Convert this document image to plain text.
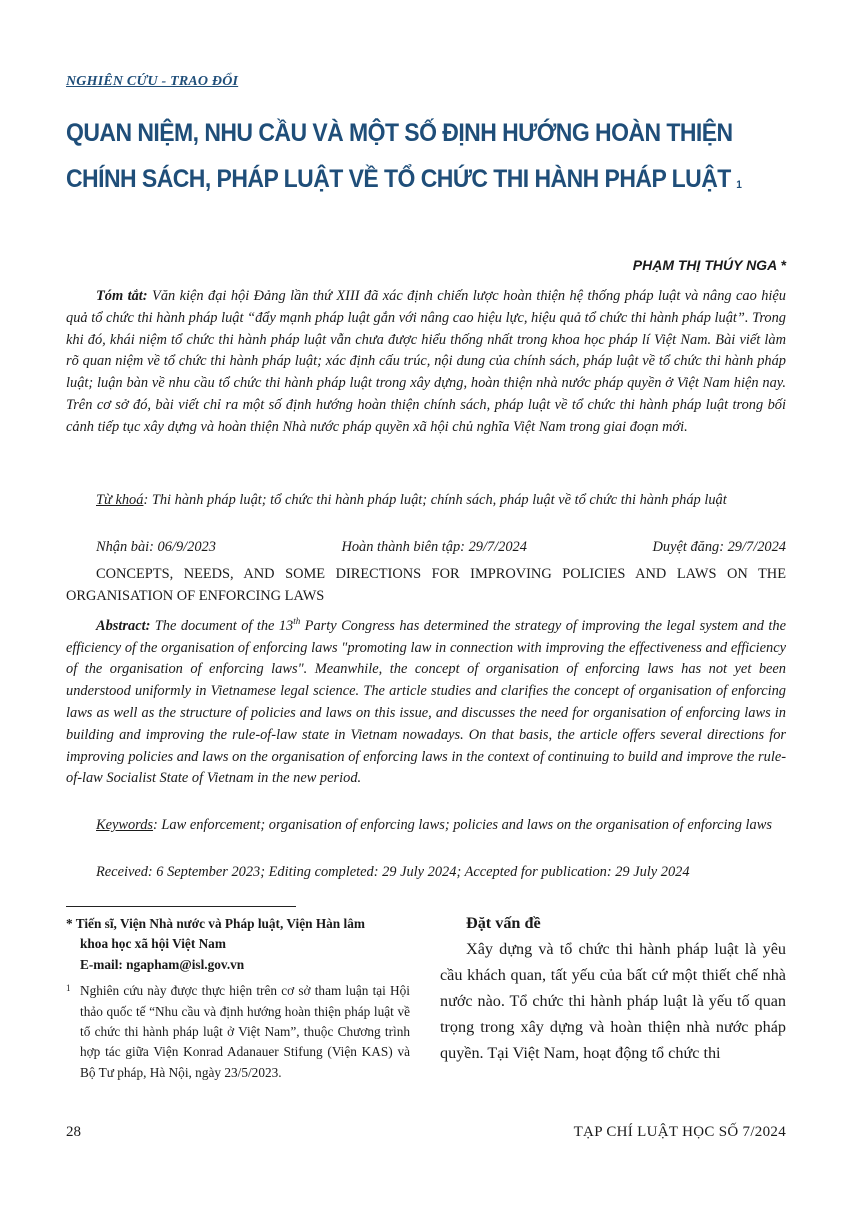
NGHIÊN CỨU - TRAO ĐỔI
QUAN NIỆM, NHU CẦU VÀ MỘT SỐ ĐỊNH HƯỚNG HOÀN THIỆN
CHÍNH SÁCH, PHÁP LUẬT VỀ TỔ CHỨC THI HÀNH PHÁP LUẬT $^1$
PHẠM THỊ THÚY NGA *
Tóm tắt: Văn kiện đại hội Đảng lần thứ XIII đã xác định chiến lược hoàn thiện hệ thống pháp luật và nâng cao hiệu quả tổ chức thi hành pháp luật “đẩy mạnh pháp luật gắn với nâng cao hiệu lực, hiệu quả tổ chức thi hành pháp luật”. Trong khi đó, khái niệm tổ chức thi hành pháp luật vẫn chưa được hiểu thống nhất trong khoa học pháp lí Việt Nam. Bài viết làm rõ quan niệm về tổ chức thi hành pháp luật; xác định cấu trúc, nội dung của chính sách, pháp luật về tổ chức thi hành pháp luật; luận bàn về nhu cầu tổ chức thi hành pháp luật trong xây dựng, hoàn thiện nhà nước pháp quyền ở Việt Nam hiện nay. Trên cơ sở đó, bài viết chỉ ra một số định hướng hoàn thiện chính sách, pháp luật về tổ chức thi hành pháp luật trong bối cảnh tiếp tục xây dựng và hoàn thiện Nhà nước pháp quyền xã hội chủ nghĩa Việt Nam trong giai đoạn mới.
Từ khoá: Thi hành pháp luật; tổ chức thi hành pháp luật; chính sách, pháp luật về tổ chức thi hành pháp luật
Nhận bài: 06/9/2023	Hoàn thành biên tập: 29/7/2024	Duyệt đăng: 29/7/2024
CONCEPTS, NEEDS, AND SOME DIRECTIONS FOR IMPROVING POLICIES AND LAWS ON THE ORGANISATION OF ENFORCING LAWS
Abstract: The document of the 13th Party Congress has determined the strategy of improving the legal system and the efficiency of the organisation of enforcing laws "promoting law in connection with improving the effectiveness and efficiency of the organisation of enforcing laws". Meanwhile, the concept of organisation of enforcing laws has not yet been understood uniformly in Vietnamese legal science. The article studies and clarifies the concept of organisation of enforcing laws as well as the structure of policies and laws on this issue, and discusses the need for organisation of enforcing laws in building and improving the rule-of-law state in Vietnam nowadays. On that basis, the article offers several directions for improving policies and laws on the organisation of enforcing laws in the context of continuing to build and improve the rule-of-law Socialist State of Vietnam in the new period.
Keywords: Law enforcement; organisation of enforcing laws; policies and laws on the organisation of enforcing laws
Received: 6 September 2023; Editing completed: 29 July 2024; Accepted for publication: 29 July 2024
* Tiến sĩ, Viện Nhà nước và Pháp luật, Viện Hàn lâm
khoa học xã hội Việt Nam
E-mail: ngapham@isl.gov.vn
1 Nghiên cứu này được thực hiện trên cơ sở tham luận tại Hội thảo quốc tế “Nhu cầu và định hướng hoàn thiện pháp luật về tổ chức thi hành pháp luật ở Việt Nam”, thuộc Chương trình hợp tác giữa Viện Konrad Adanauer Stifung (Viện KAS) và Bộ Tư pháp, Hà Nội, ngày 23/5/2023.
Đặt vấn đề
Xây dựng và tổ chức thi hành pháp luật là yêu cầu khách quan, tất yếu của bất cứ một thiết chế nhà nước nào. Tổ chức thi hành pháp luật là yếu tố quan trọng trong xây dựng và hoàn thiện nhà nước pháp quyền. Tại Việt Nam, hoạt động tổ chức thi
28	TẠP CHÍ LUẬT HỌC SỐ 7/2024
